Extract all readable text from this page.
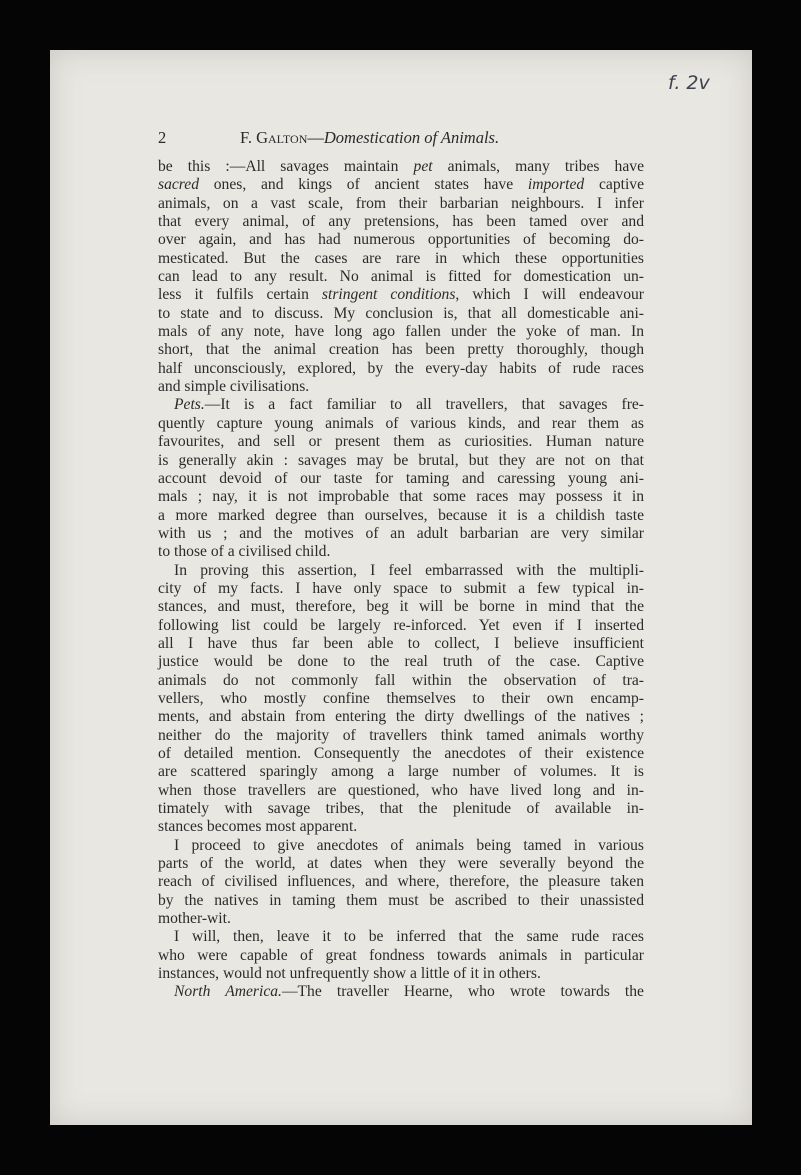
f. 2v
2	F. Galton—Domestication of Animals.
be this :—All savages maintain pet animals, many tribes have
sacred ones, and kings of ancient states have imported captive
animals, on a vast scale, from their barbarian neighbours. I infer
that every animal, of any pretensions, has been tamed over and
over again, and has had numerous opportunities of becoming do-
mesticated. But the cases are rare in which these opportunities
can lead to any result. No animal is fitted for domestication un-
less it fulfils certain stringent conditions, which I will endeavour
to state and to discuss. My conclusion is, that all domesticable ani-
mals of any note, have long ago fallen under the yoke of man. In
short, that the animal creation has been pretty thoroughly, though
half unconsciously, explored, by the every-day habits of rude races
and simple civilisations.
Pets.—It is a fact familiar to all travellers, that savages fre-
quently capture young animals of various kinds, and rear them as
favourites, and sell or present them as curiosities. Human nature
is generally akin : savages may be brutal, but they are not on that
account devoid of our taste for taming and caressing young ani-
mals ; nay, it is not improbable that some races may possess it in
a more marked degree than ourselves, because it is a childish taste
with us ; and the motives of an adult barbarian are very similar
to those of a civilised child.
In proving this assertion, I feel embarrassed with the multipli-
city of my facts. I have only space to submit a few typical in-
stances, and must, therefore, beg it will be borne in mind that the
following list could be largely re-inforced. Yet even if I inserted
all I have thus far been able to collect, I believe insufficient
justice would be done to the real truth of the case. Captive
animals do not commonly fall within the observation of tra-
vellers, who mostly confine themselves to their own encamp-
ments, and abstain from entering the dirty dwellings of the natives ;
neither do the majority of travellers think tamed animals worthy
of detailed mention. Consequently the anecdotes of their existence
are scattered sparingly among a large number of volumes. It is
when those travellers are questioned, who have lived long and in-
timately with savage tribes, that the plenitude of available in-
stances becomes most apparent.
I proceed to give anecdotes of animals being tamed in various
parts of the world, at dates when they were severally beyond the
reach of civilised influences, and where, therefore, the pleasure taken
by the natives in taming them must be ascribed to their unassisted
mother-wit.
I will, then, leave it to be inferred that the same rude races
who were capable of great fondness towards animals in particular
instances, would not unfrequently show a little of it in others.
North America.—The traveller Hearne, who wrote towards the
